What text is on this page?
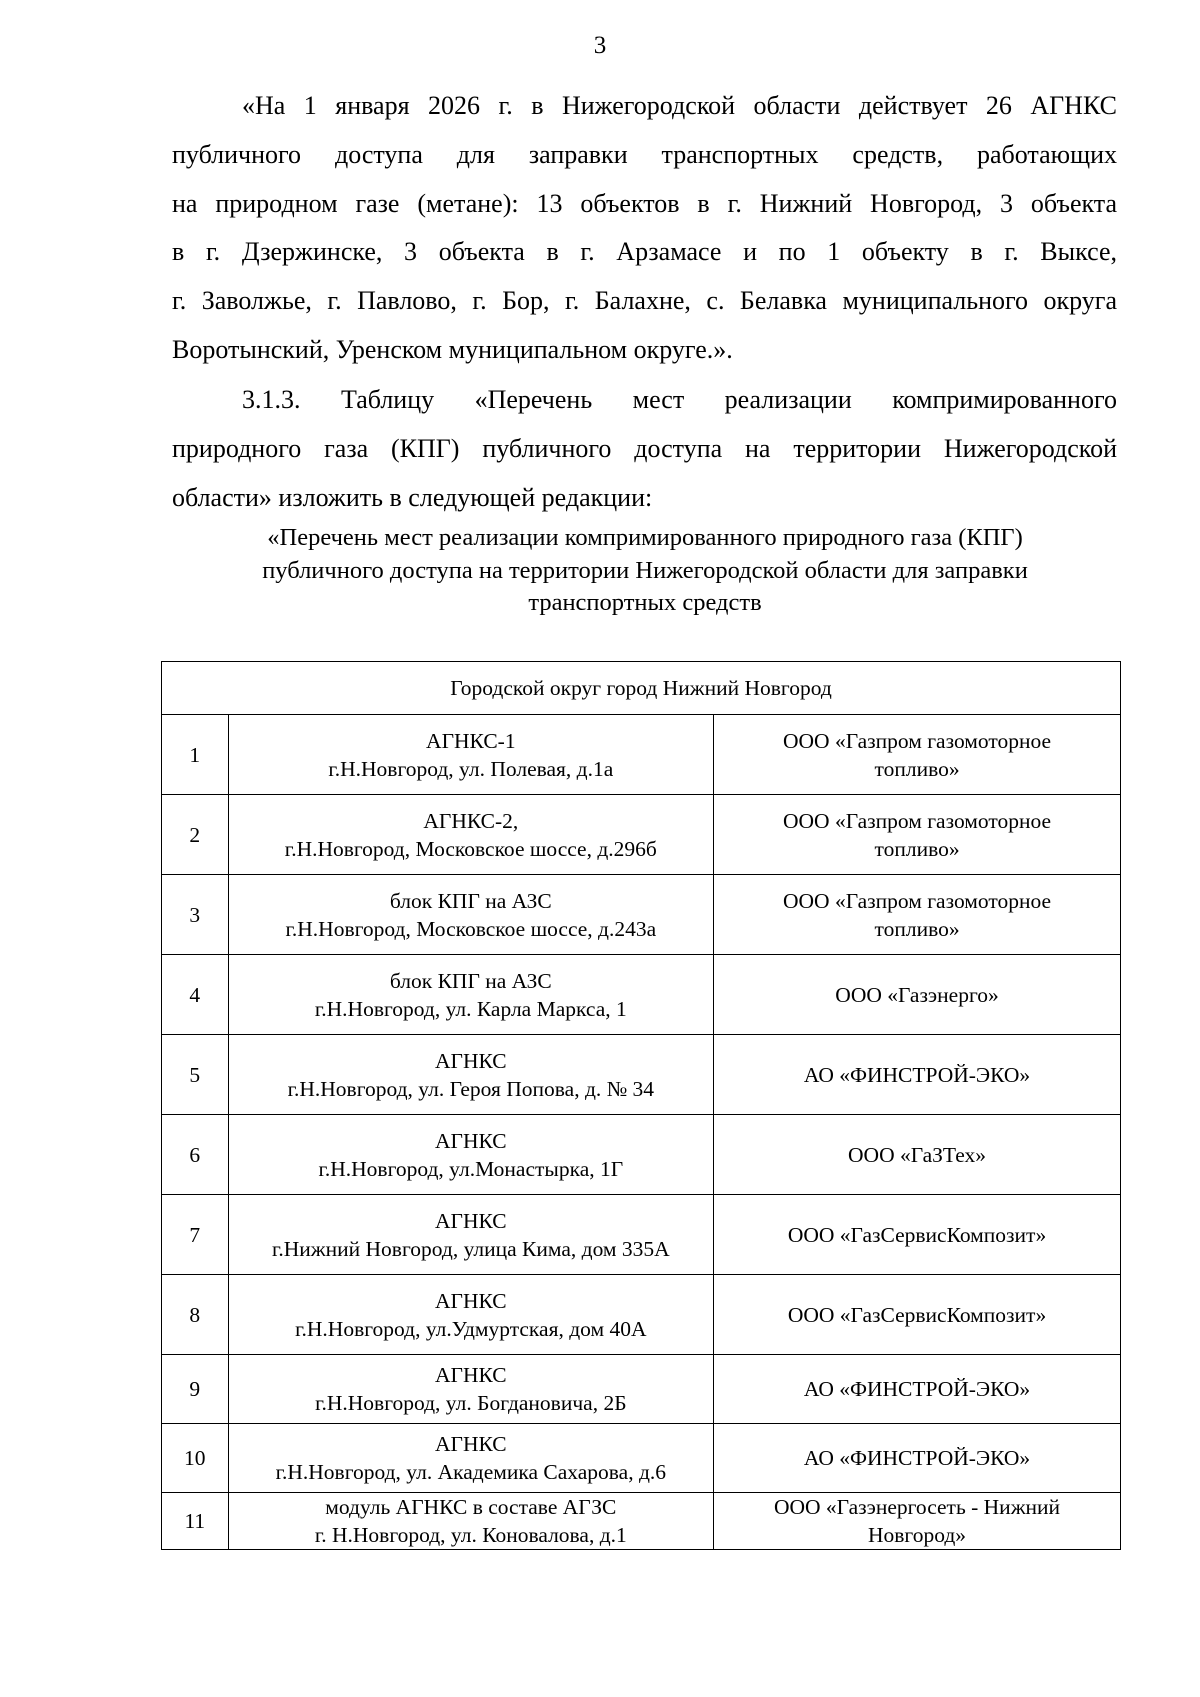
3
«На 1 января 2026 г. в Нижегородской области действует 26 АГНКС
публичного доступа для заправки транспортных средств, работающих
на природном газе (метане): 13 объектов в г. Нижний Новгород, 3 объекта
в г. Дзержинске, 3 объекта в г. Арзамасе и по 1 объекту в г. Выксе,
г. Заволжье, г. Павлово, г. Бор, г. Балахне, с. Белавка муниципального округа
Воротынский, Уренском муниципальном округе.».
3.1.3. Таблицу «Перечень мест реализации компримированного
природного газа (КПГ) публичного доступа на территории Нижегородской
области» изложить в следующей редакции:
«Перечень мест реализации компримированного природного газа (КПГ)
публичного доступа на территории Нижегородской области для заправки
транспортных средств
Городской округ город Нижний Новгород		
1	АГНКС-1
г.Н.Новгород, ул. Полевая, д.1а	ООО «Газпром газомоторное
топливо»

2	АГНКС-2,
г.Н.Новгород, Московское шоссе, д.296б	ООО «Газпром газомоторное
топливо»

3	блок КПГ на АЗС
г.Н.Новгород, Московское шоссе, д.243а	ООО «Газпром газомоторное
топливо»

4	блок КПГ на АЗС
г.Н.Новгород, ул. Карла Маркса, 1	ООО «Газэнерго»

5	АГНКС
г.Н.Новгород, ул. Героя Попова, д. № 34	АО «ФИНСТРОЙ-ЭКО»

6	АГНКС
г.Н.Новгород, ул.Монастырка, 1Г	ООО «ГаЗТех»

7	АГНКС
г.Нижний Новгород, улица Кима, дом 335А	ООО «ГазСервисКомпозит»

8	АГНКС
г.Н.Новгород, ул.Удмуртская, дом 40А	ООО «ГазСервисКомпозит»

9	АГНКС
г.Н.Новгород, ул. Богдановича, 2Б	АО «ФИНСТРОЙ-ЭКО»

10	АГНКС
г.Н.Новгород, ул. Академика Сахарова, д.6	АО «ФИНСТРОЙ-ЭКО»

11	модуль АГНКС в составе АГЗС
г. Н.Новгород, ул. Коновалова, д.1	ООО «Газэнергосеть - Нижний
Новгород»
